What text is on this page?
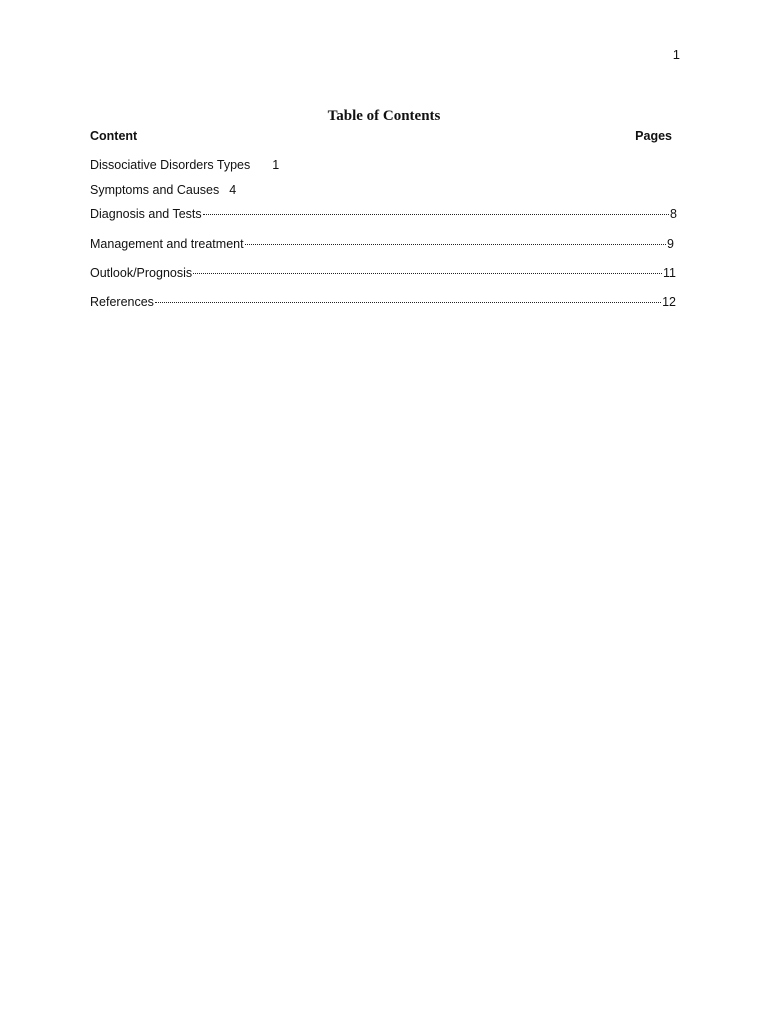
1
Table of Contents
Content	Pages
Dissociative Disorders Types 1
Symptoms and Causes 4
Diagnosis and Tests	8
Management and treatment	9
Outlook/Prognosis	11
References	12
